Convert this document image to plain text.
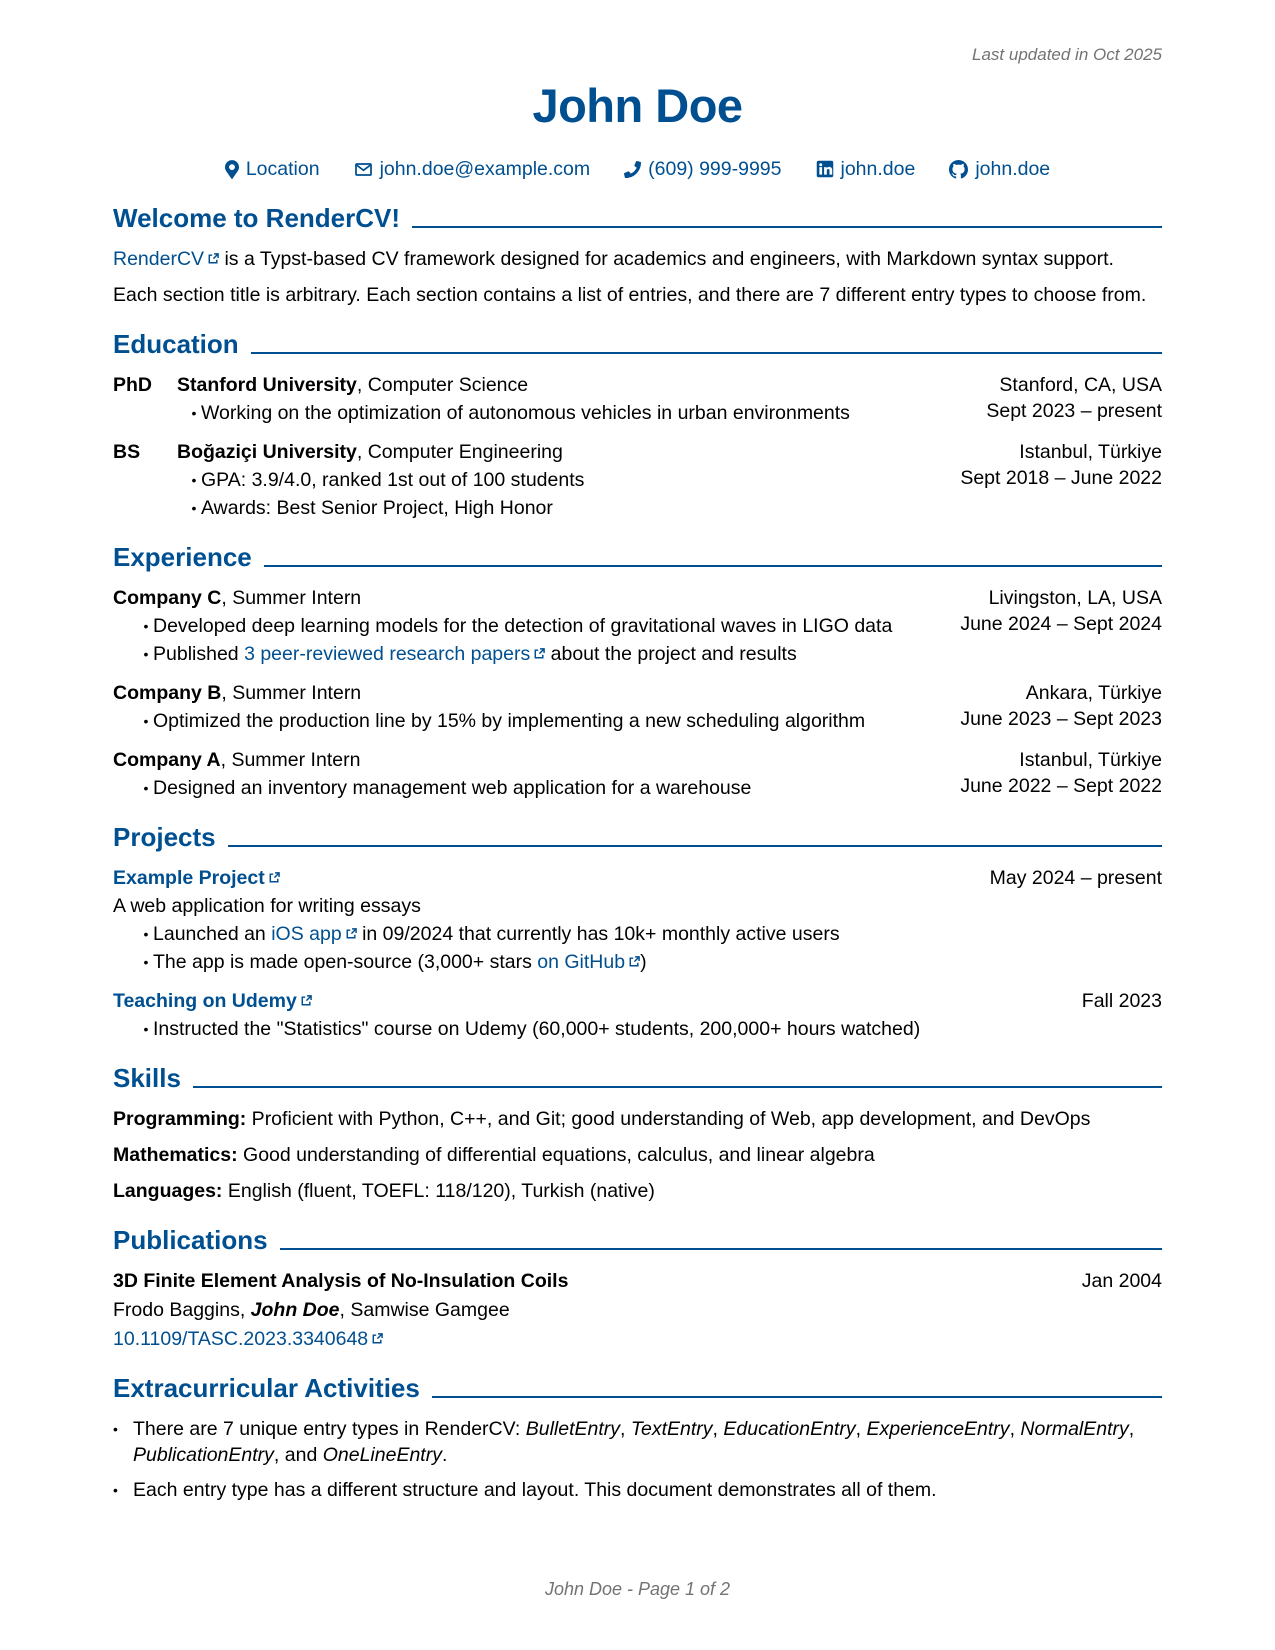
Last updated in Oct 2025
John Doe
Location	john.doe@example.com	(609) 999-9995	john.doe	john.doe
Welcome to RenderCV!
RenderCV is a Typst-based CV framework designed for academics and engineers, with Markdown syntax support.
Each section title is arbitrary. Each section contains a list of entries, and there are 7 different entry types to choose from.
Education
PhD	Stanford University, Computer Science
• Working on the optimization of autonomous vehicles in urban environments
Stanford, CA, USA
Sept 2023 – present
BS	Boğaziçi University, Computer Engineering
• GPA: 3.9/4.0, ranked 1st out of 100 students
• Awards: Best Senior Project, High Honor
Istanbul, Türkiye
Sept 2018 – June 2022
Experience
Company C, Summer Intern
• Developed deep learning models for the detection of gravitational waves in LIGO data
• Published 3 peer-reviewed research papers about the project and results
Livingston, LA, USA
June 2024 – Sept 2024
Company B, Summer Intern
• Optimized the production line by 15% by implementing a new scheduling algorithm
Ankara, Türkiye
June 2023 – Sept 2023
Company A, Summer Intern
• Designed an inventory management web application for a warehouse
Istanbul, Türkiye
June 2022 – Sept 2022
Projects
Example Project
A web application for writing essays
• Launched an iOS app in 09/2024 that currently has 10k+ monthly active users
• The app is made open-source (3,000+ stars on GitHub )
May 2024 – present
Teaching on Udemy
• Instructed the "Statistics" course on Udemy (60,000+ students, 200,000+ hours watched)
Fall 2023
Skills
Programming: Proficient with Python, C++, and Git; good understanding of Web, app development, and DevOps
Mathematics: Good understanding of differential equations, calculus, and linear algebra
Languages: English (fluent, TOEFL: 118/120), Turkish (native)
Publications
3D Finite Element Analysis of No-Insulation Coils
Frodo Baggins, John Doe, Samwise Gamgee
10.1109/TASC.2023.3340648
Jan 2004
Extracurricular Activities
• There are 7 unique entry types in RenderCV: BulletEntry, TextEntry, EducationEntry, ExperienceEntry, NormalEntry, PublicationEntry, and OneLineEntry.
• Each entry type has a different structure and layout. This document demonstrates all of them.
John Doe - Page 1 of 2
